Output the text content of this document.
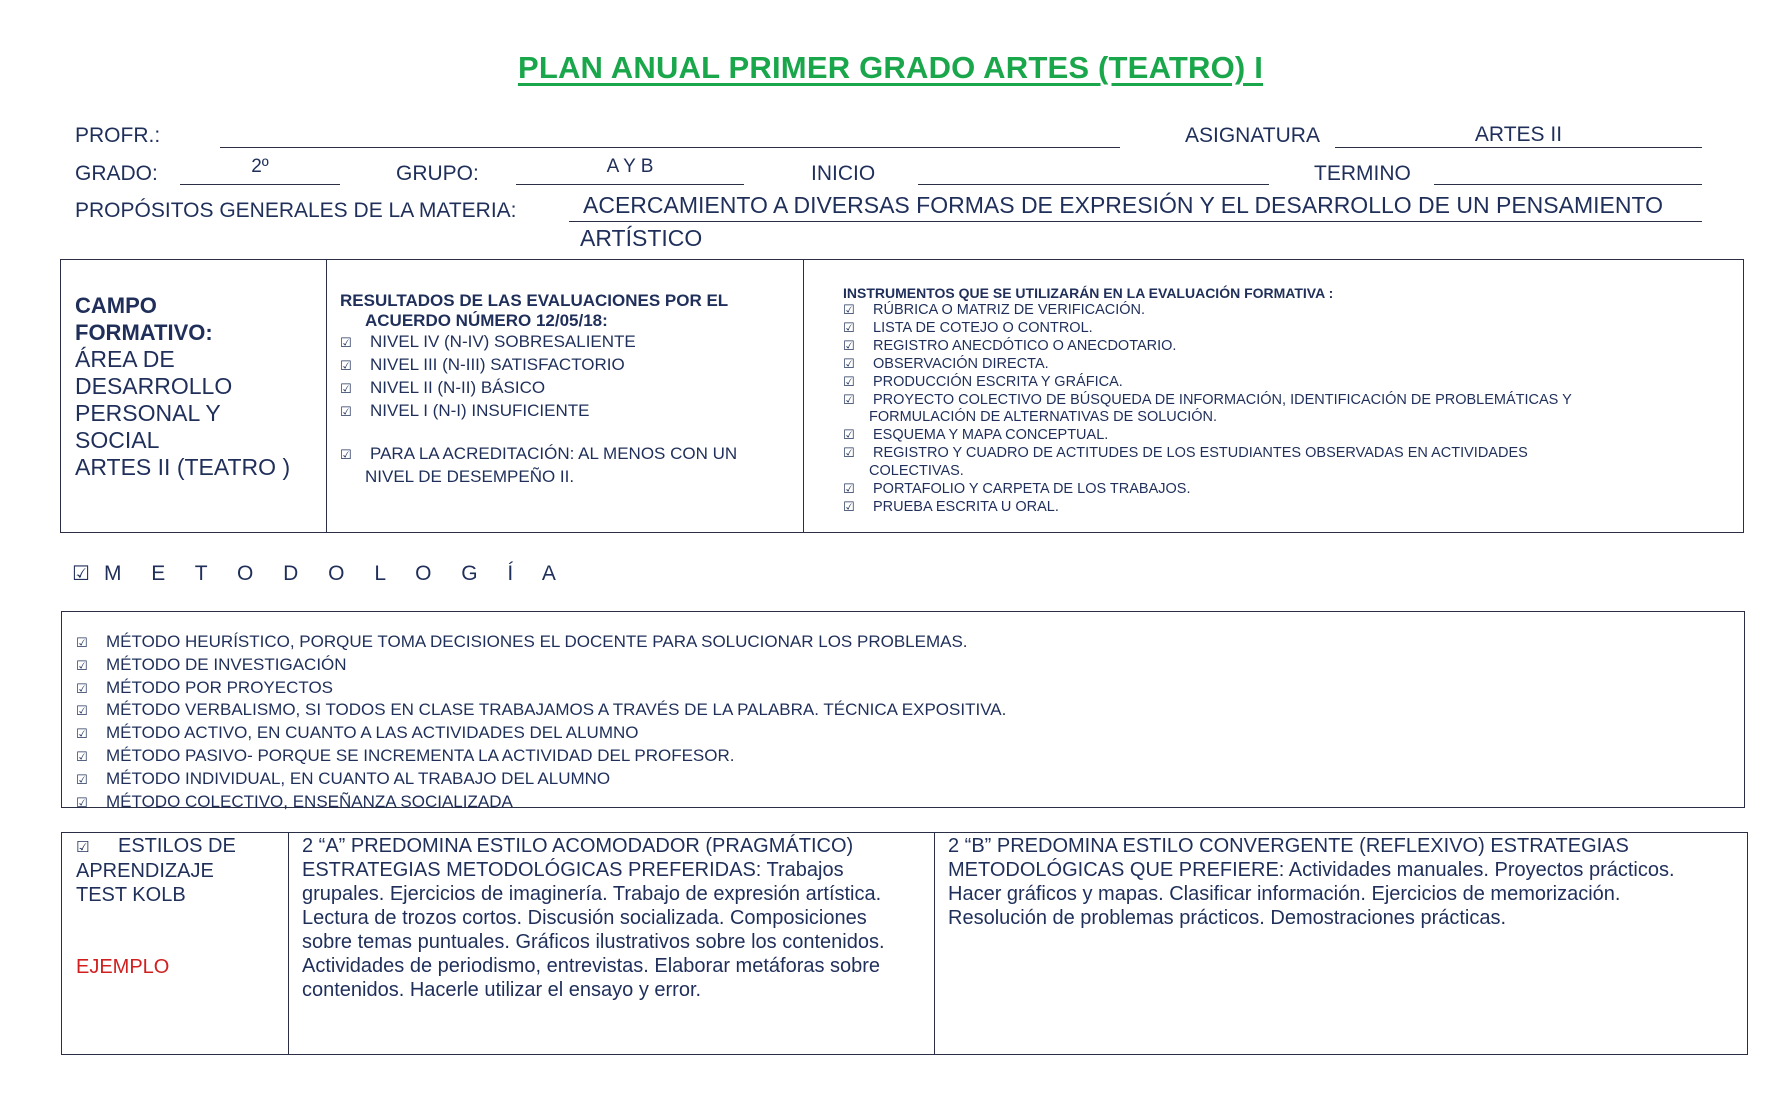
PLAN ANUAL PRIMER GRADO ARTES (TEATRO) I
PROFR.:	ASIGNATURA	ARTES II
GRADO:	2º	GRUPO:	A Y B	INICIO	TERMINO
PROPÓSITOS GENERALES DE LA MATERIA:	ACERCAMIENTO A DIVERSAS FORMAS DE EXPRESIÓN Y EL DESARROLLO DE UN PENSAMIENTO
ARTÍSTICO
CAMPO
FORMATIVO:
ÁREA DE
DESARROLLO
PERSONAL Y
SOCIAL
ARTES II (TEATRO )
RESULTADOS DE LAS EVALUACIONES POR EL
ACUERDO NÚMERO 12/05/18:
☑ NIVEL IV (N-IV) SOBRESALIENTE
☑ NIVEL III (N-III) SATISFACTORIO
☑ NIVEL II (N-II) BÁSICO
☑ NIVEL I (N-I) INSUFICIENTE
☑ PARA LA ACREDITACIÓN: AL MENOS CON UN
NIVEL DE DESEMPEÑO II.
INSTRUMENTOS QUE SE UTILIZARÁN EN LA EVALUACIÓN FORMATIVA :
☑ RÚBRICA O MATRIZ DE VERIFICACIÓN.
☑ LISTA DE COTEJO O CONTROL.
☑ REGISTRO ANECDÓTICO O ANECDOTARIO.
☑ OBSERVACIÓN DIRECTA.
☑ PRODUCCIÓN ESCRITA Y GRÁFICA.
☑ PROYECTO COLECTIVO DE BÚSQUEDA DE INFORMACIÓN, IDENTIFICACIÓN DE PROBLEMÁTICAS Y
FORMULACIÓN DE ALTERNATIVAS DE SOLUCIÓN.
☑ ESQUEMA Y MAPA CONCEPTUAL.
☑ REGISTRO Y CUADRO DE ACTITUDES DE LOS ESTUDIANTES OBSERVADAS EN ACTIVIDADES
COLECTIVAS.
☑ PORTAFOLIO Y CARPETA DE LOS TRABAJOS.
☑ PRUEBA ESCRITA U ORAL.
☑ M E T O D O L O G Í A
☑ MÉTODO HEURÍSTICO, PORQUE TOMA DECISIONES EL DOCENTE PARA SOLUCIONAR LOS PROBLEMAS.
☑ MÉTODO DE INVESTIGACIÓN
☑ MÉTODO POR PROYECTOS
☑ MÉTODO VERBALISMO, SI TODOS EN CLASE TRABAJAMOS A TRAVÉS DE LA PALABRA. TÉCNICA EXPOSITIVA.
☑ MÉTODO ACTIVO, EN CUANTO A LAS ACTIVIDADES DEL ALUMNO
☑ MÉTODO PASIVO- PORQUE SE INCREMENTA LA ACTIVIDAD DEL PROFESOR.
☑ MÉTODO INDIVIDUAL, EN CUANTO AL TRABAJO DEL ALUMNO
☑ MÉTODO COLECTIVO, ENSEÑANZA SOCIALIZADA
☑ ESTILOS DE
APRENDIZAJE
TEST KOLB
EJEMPLO
2 “A” PREDOMINA ESTILO ACOMODADOR (PRAGMÁTICO)
ESTRATEGIAS METODOLÓGICAS PREFERIDAS: Trabajos
grupales. Ejercicios de imaginería. Trabajo de expresión artística.
Lectura de trozos cortos. Discusión socializada. Composiciones
sobre temas puntuales. Gráficos ilustrativos sobre los contenidos.
Actividades de periodismo, entrevistas. Elaborar metáforas sobre
contenidos. Hacerle utilizar el ensayo y error.
2 “B” PREDOMINA ESTILO CONVERGENTE (REFLEXIVO) ESTRATEGIAS
METODOLÓGICAS QUE PREFIERE: Actividades manuales. Proyectos prácticos.
Hacer gráficos y mapas. Clasificar información. Ejercicios de memorización.
Resolución de problemas prácticos. Demostraciones prácticas.
